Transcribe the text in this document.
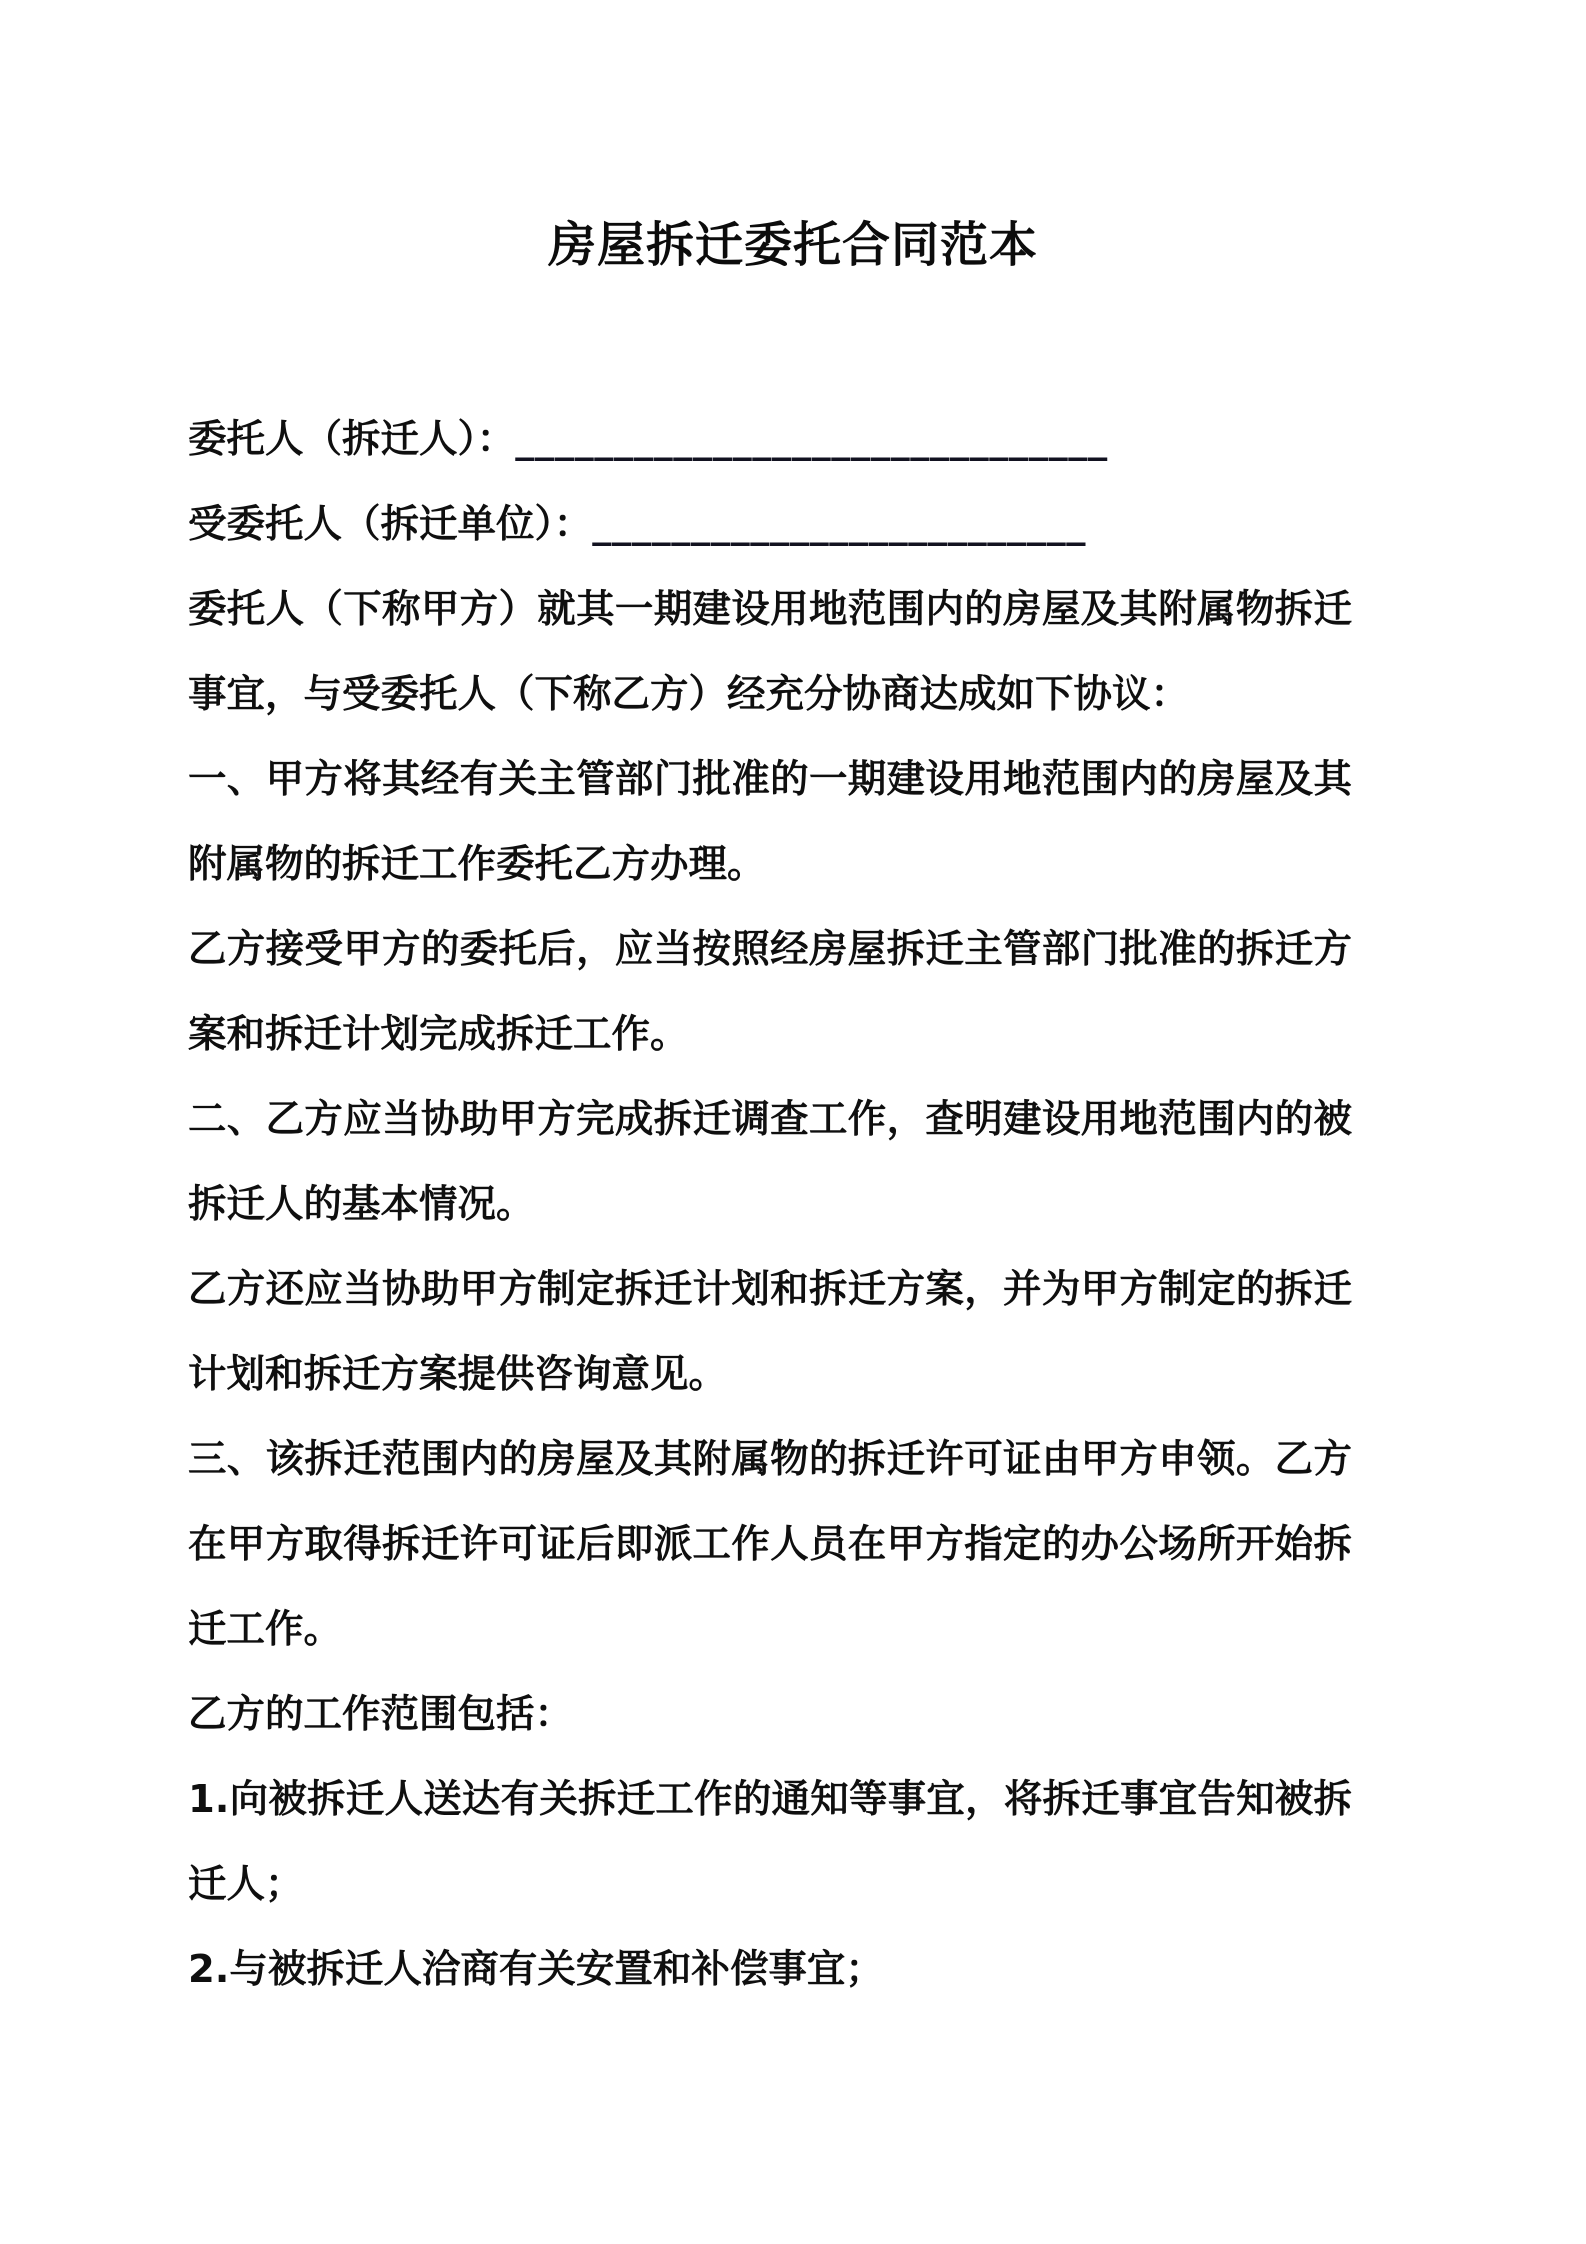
房屋拆迁委托合同范本

委托人（拆迁人）：______________________________

受委托人（拆迁单位）：_________________________

委托人（下称甲方）就其一期建设用地范围内的房屋及其附属物拆迁事宜，与受委托人（下称乙方）经充分协商达成如下协议：

一、甲方将其经有关主管部门批准的一期建设用地范围内的房屋及其附属物的拆迁工作委托乙方办理。

乙方接受甲方的委托后，应当按照经房屋拆迁主管部门批准的拆迁方案和拆迁计划完成拆迁工作。

二、乙方应当协助甲方完成拆迁调查工作，查明建设用地范围内的被拆迁人的基本情况。

乙方还应当协助甲方制定拆迁计划和拆迁方案，并为甲方制定的拆迁计划和拆迁方案提供咨询意见。

三、该拆迁范围内的房屋及其附属物的拆迁许可证由甲方申领。乙方在甲方取得拆迁许可证后即派工作人员在甲方指定的办公场所开始拆迁工作。

乙方的工作范围包括：

1.向被拆迁人送达有关拆迁工作的通知等事宜，将拆迁事宜告知被拆迁人；

2.与被拆迁人洽商有关安置和补偿事宜；
